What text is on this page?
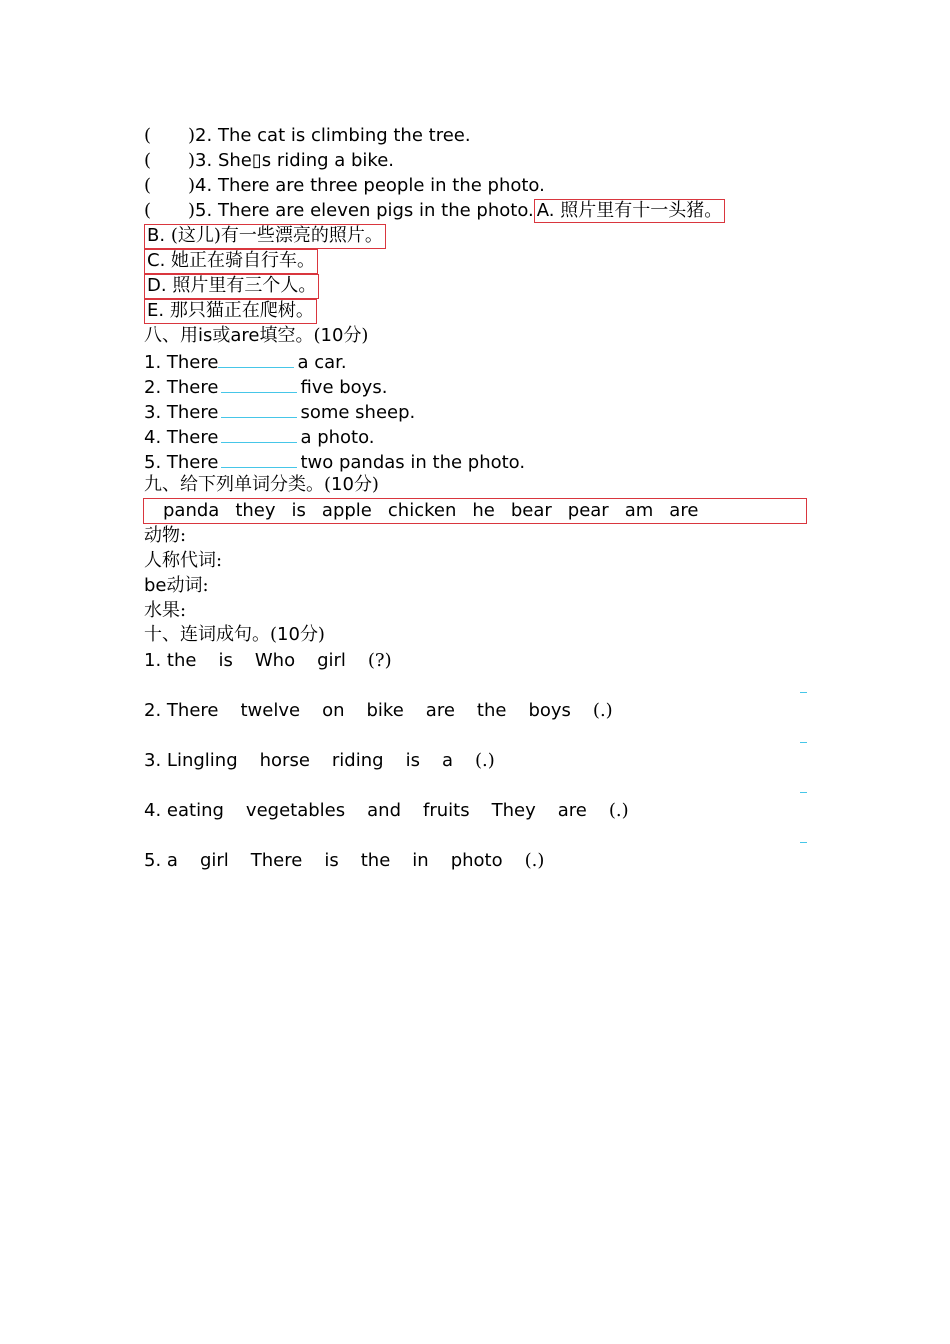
( )2. The cat is climbing the tree.
( )3. She▯s riding a bike.
( )4. There are three people in the photo.
( )5. There are eleven pigs in the photo. A. 照片里有十一头猪。
B. (这儿)有一些漂亮的照片。
C. 她正在骑自行车。
D. 照片里有三个人。
E. 那只猫正在爬树。
八、用is或are填空。(10分)
1. There	a car.
2. There	five boys.
3. There	some sheep.
4. There	a photo.
5. There	two pandas in the photo.
九、给下列单词分类。(10分)
panda they is apple chicken he bear pear am are
动物:
人称代词:
be动词:
水果:
十、连词成句。(10分)
1. the is Who girl (?)
2. There twelve on bike are the boys (.)
3. Lingling horse riding is a (.)
4. eating vegetables and fruits They are (.)
5. a girl There is the in photo (.)
